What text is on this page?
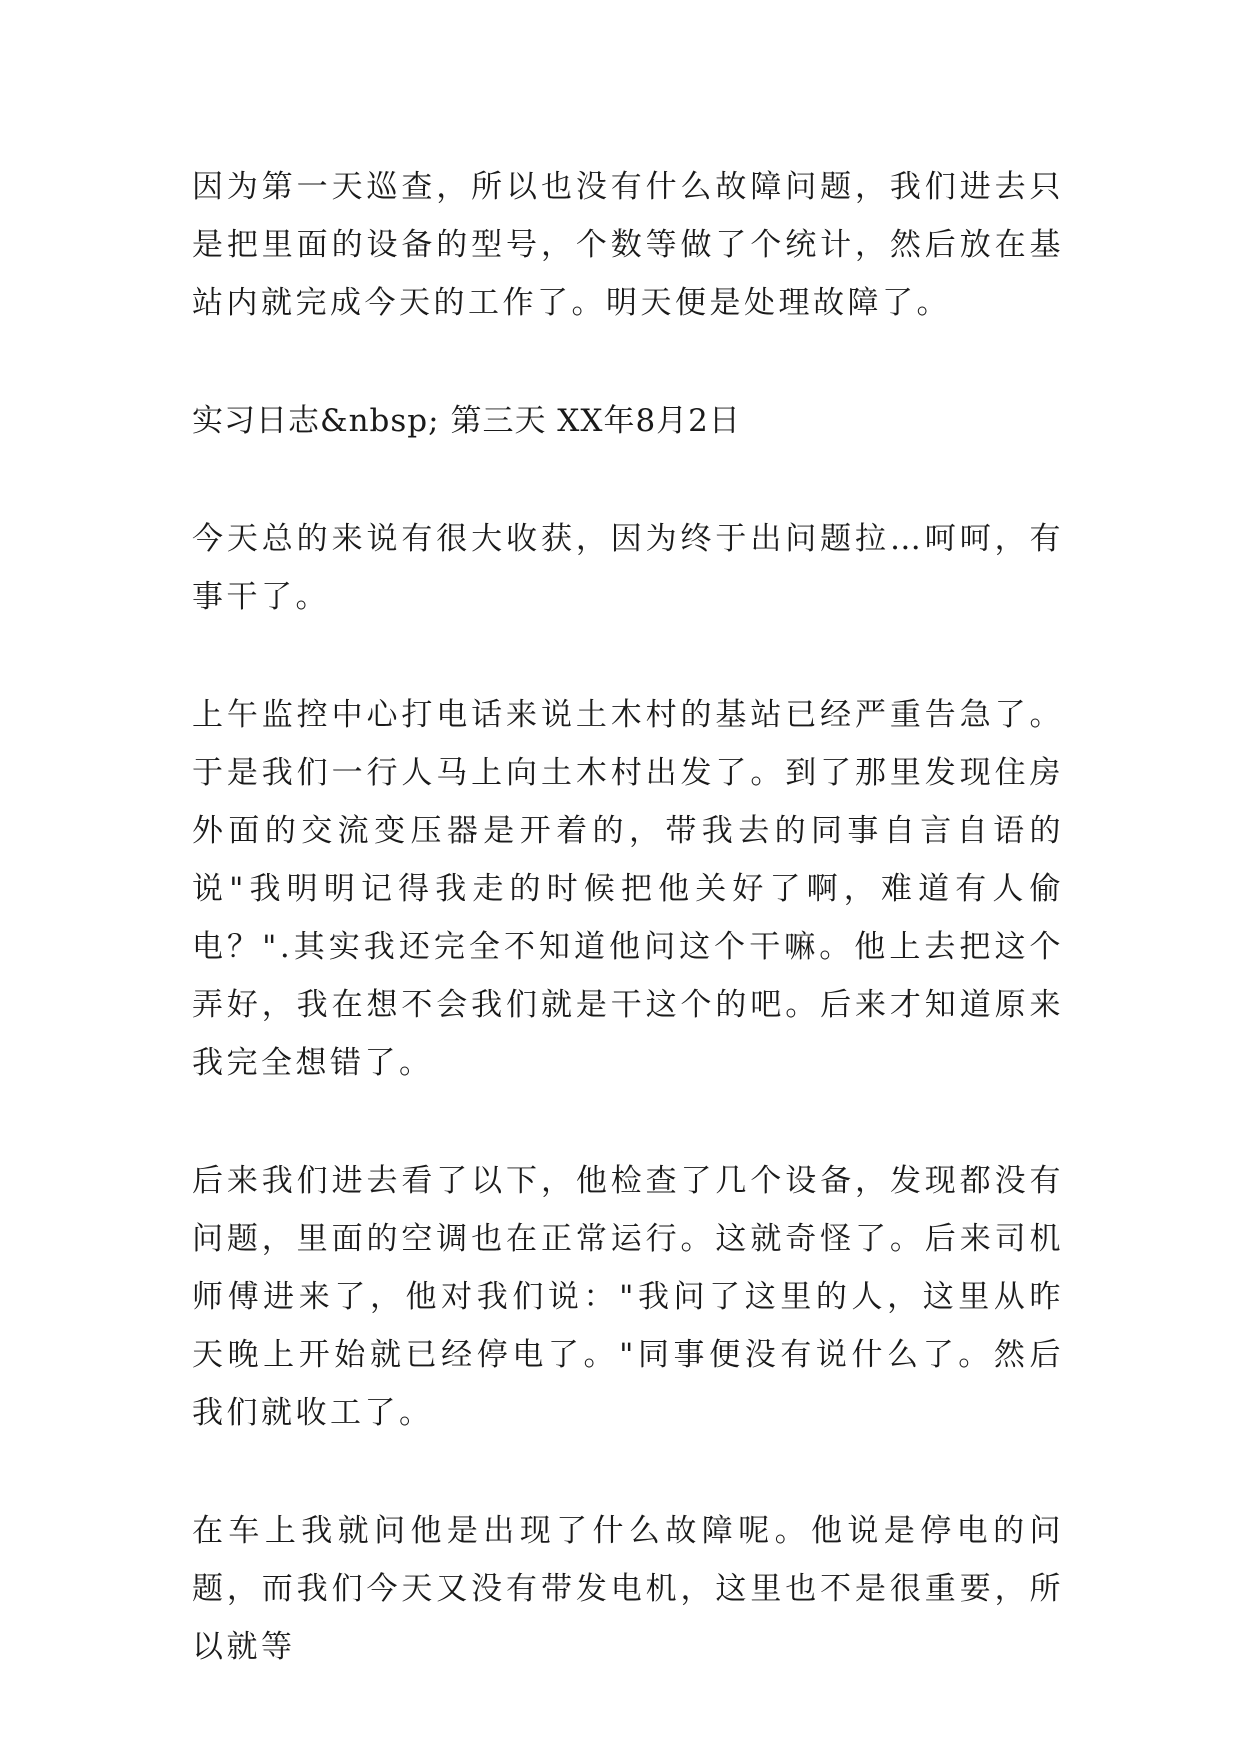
因为第一天巡查，所以也没有什么故障问题，我们进去只是把里面的设备的型号，个数等做了个统计，然后放在基站内就完成今天的工作了。明天便是处理故障了。

实习日志&nbsp; 第三天 XX年8月2日

今天总的来说有很大收获，因为终于出问题拉…呵呵，有事干了。

上午监控中心打电话来说土木村的基站已经严重告急了。于是我们一行人马上向土木村出发了。到了那里发现住房外面的交流变压器是开着的，带我去的同事自言自语的说"我明明记得我走的时候把他关好了啊，难道有人偷电？".其实我还完全不知道他问这个干嘛。他上去把这个弄好，我在想不会我们就是干这个的吧。后来才知道原来我完全想错了。

后来我们进去看了以下，他检查了几个设备，发现都没有问题，里面的空调也在正常运行。这就奇怪了。后来司机师傅进来了，他对我们说："我问了这里的人，这里从昨天晚上开始就已经停电了。"同事便没有说什么了。然后我们就收工了。

在车上我就问他是出现了什么故障呢。他说是停电的问题，而我们今天又没有带发电机，这里也不是很重要，所以就等
